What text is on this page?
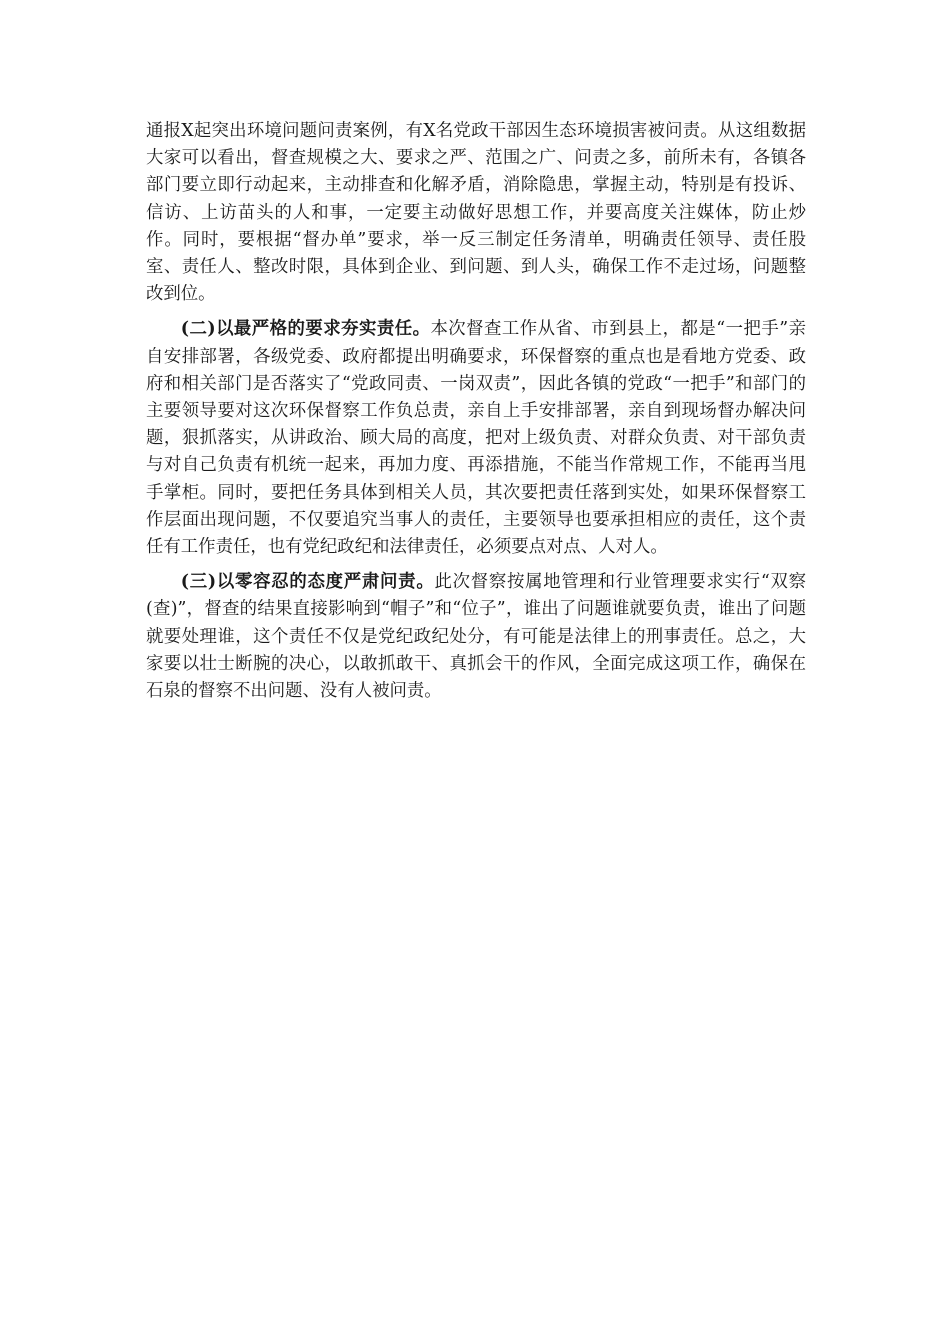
通报X起突出环境问题问责案例，有X名党政干部因生态环境损害被问责。从这组数据大家可以看出，督查规模之大、要求之严、范围之广、问责之多，前所未有，各镇各部门要立即行动起来，主动排查和化解矛盾，消除隐患，掌握主动，特别是有投诉、信访、上访苗头的人和事，一定要主动做好思想工作，并要高度关注媒体，防止炒作。同时，要根据“督办单”要求，举一反三制定任务清单，明确责任领导、责任股室、责任人、整改时限，具体到企业、到问题、到人头，确保工作不走过场，问题整改到位。

(二)以最严格的要求夯实责任。本次督查工作从省、市到县上，都是“一把手”亲自安排部署，各级党委、政府都提出明确要求，环保督察的重点也是看地方党委、政府和相关部门是否落实了“党政同责、一岗双责”，因此各镇的党政“一把手”和部门的主要领导要对这次环保督察工作负总责，亲自上手安排部署，亲自到现场督办解决问题，狠抓落实，从讲政治、顾大局的高度，把对上级负责、对群众负责、对干部负责与对自己负责有机统一起来，再加力度、再添措施，不能当作常规工作，不能再当甩手掌柜。同时，要把任务具体到相关人员，其次要把责任落到实处，如果环保督察工作层面出现问题，不仅要追究当事人的责任，主要领导也要承担相应的责任，这个责任有工作责任，也有党纪政纪和法律责任，必须要点对点、人对人。

(三)以零容忍的态度严肃问责。此次督察按属地管理和行业管理要求实行“双察(查)”，督查的结果直接影响到“帽子”和“位子”，谁出了问题谁就要负责，谁出了问题就要处理谁，这个责任不仅是党纪政纪处分，有可能是法律上的刑事责任。总之，大家要以壮士断腕的决心，以敢抓敢干、真抓会干的作风，全面完成这项工作，确保在石泉的督察不出问题、没有人被问责。
